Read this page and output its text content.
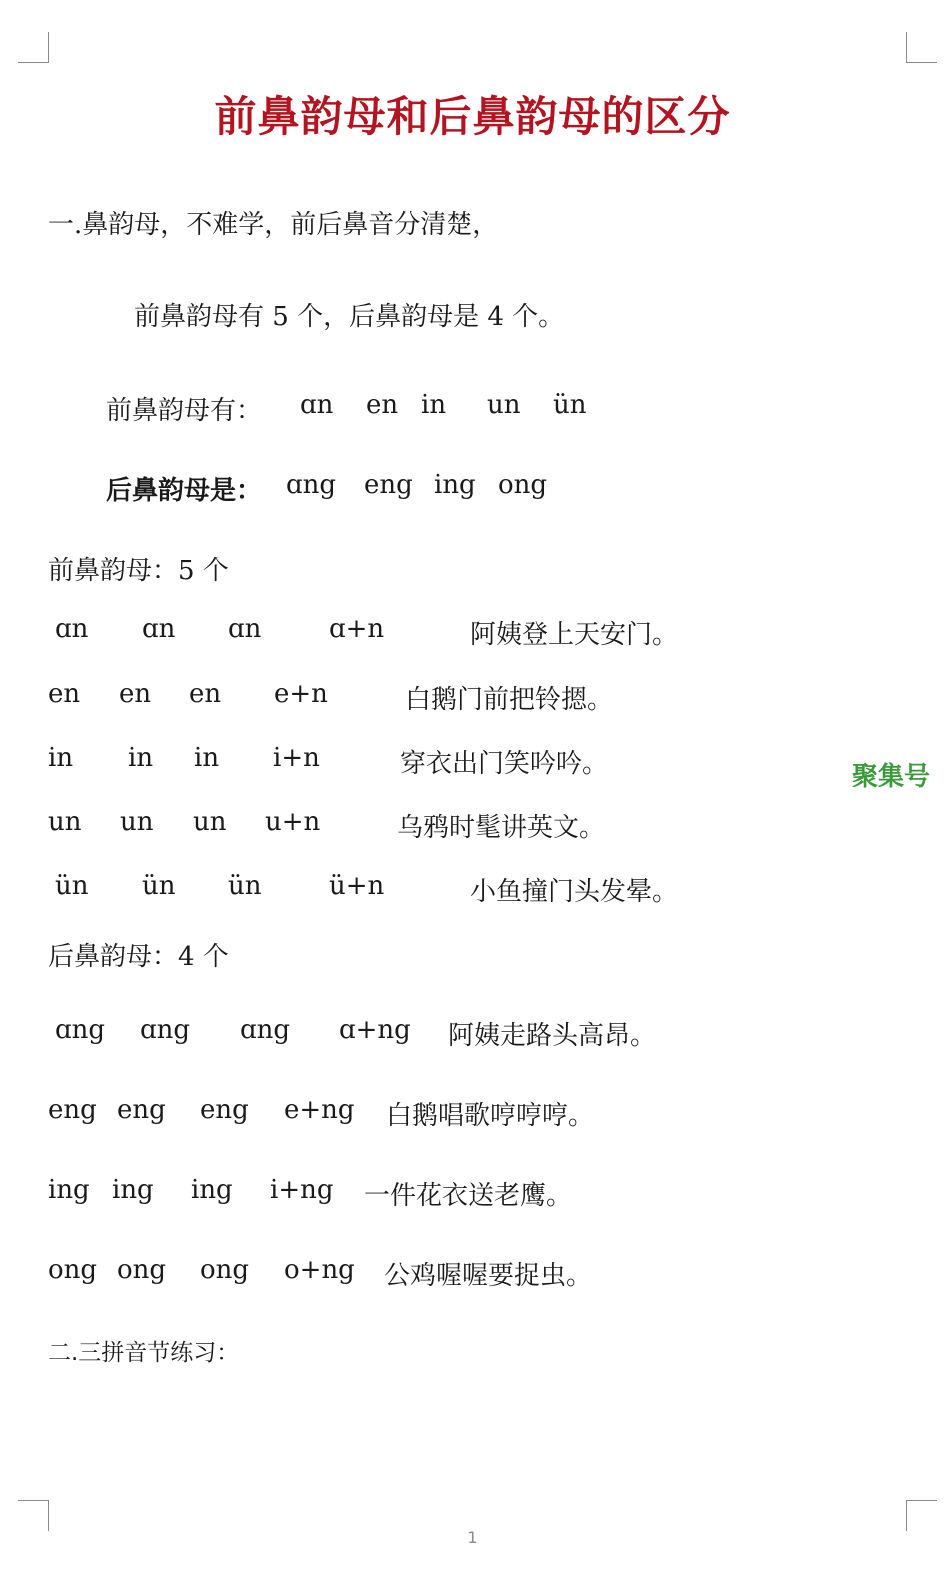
前鼻韵母和后鼻韵母的区分
一.鼻韵母，不难学，前后鼻音分清楚，
前鼻韵母有 5 个，后鼻韵母是 4 个。
前鼻韵母有： ɑn en in un ün
后鼻韵母是： ɑng eng ing ong
前鼻韵母：5 个
ɑn ɑn ɑn	ɑ+n	阿姨登上天安门。
en en en e+n	白鹅门前把铃摁。
in in in i+n	穿衣出门笑吟吟。
un un un u+n	乌鸦时髦讲英文。
ün ün ün	ü+n	小鱼撞门头发晕。
后鼻韵母：4 个
ɑng ɑng ɑng ɑ+ng 阿姨走路头高昂。
eng eng eng e+ng 白鹅唱歌哼哼哼。
ing ing ing i+ng 一件花衣送老鹰。
ong ong ong o+ng 公鸡喔喔要捉虫。
二.三拼音节练习：
聚集号
1
